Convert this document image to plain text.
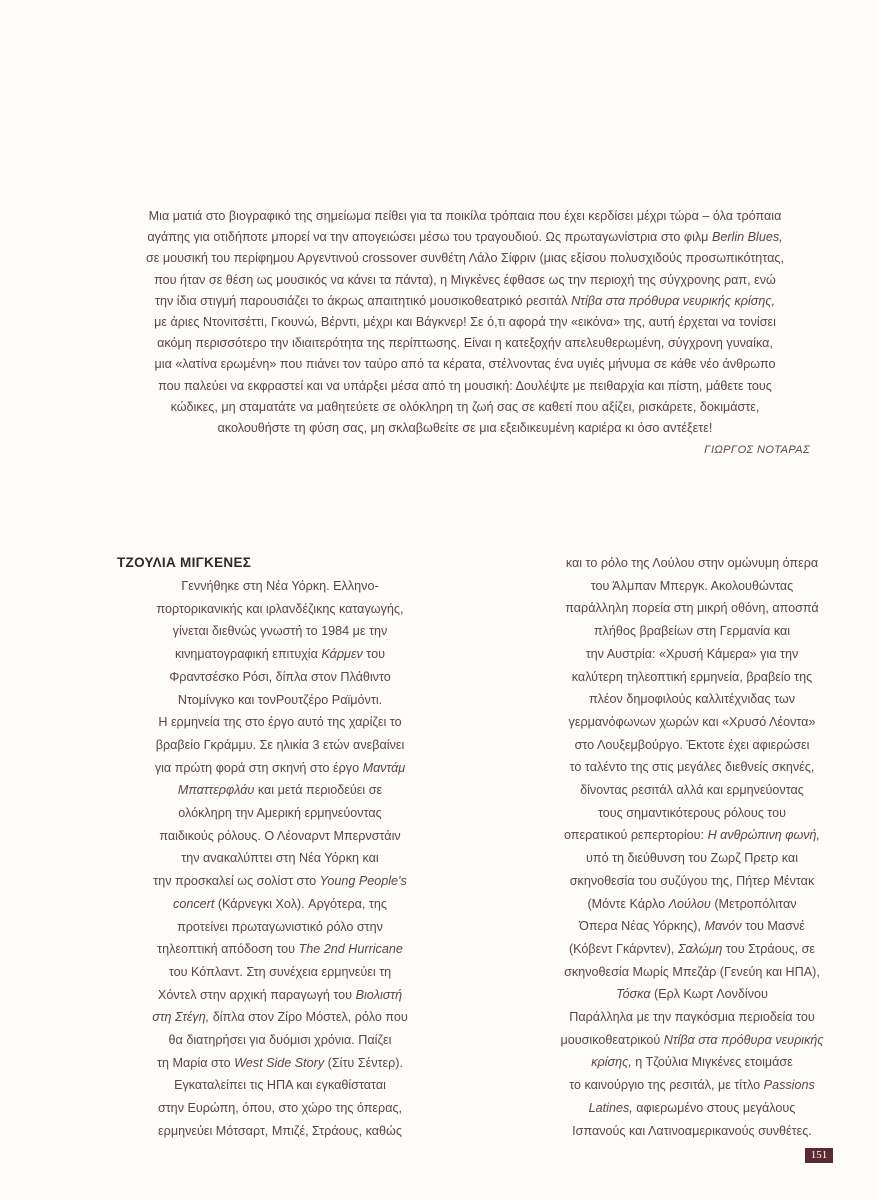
Μια ματιά στο βιογραφικό της σημείωμα πείθει για τα ποικίλα τρόπαια που έχει κερδίσει μέχρι τώρα – όλα τρόπαια
αγάπης για οτιδήποτε μπορεί να την απογειώσει μέσω του τραγουδιού. Ως πρωταγωνίστρια στο φιλμ Berlin Blues,
σε μουσική του περίφημου Αργεντινού crossover συνθέτη Λάλο Σίφριν (μιας εξίσου πολυσχιδούς προσωπικότητας,
που ήταν σε θέση ως μουσικός να κάνει τα πάντα), η Μιγκένες έφθασε ως την περιοχή της σύγχρονης ραπ, ενώ
την ίδια στιγμή παρουσιάζει το άκρως απαιτητικό μουσικοθεατρικό ρεσιτάλ Ντίβα στα πρόθυρα νευρικής κρίσης,
με άριες Ντονιτσέττι, Γκουνώ, Βέρντι, μέχρι και Βάγκνερ! Σε ό,τι αφορά την «εικόνα» της, αυτή έρχεται να τονίσει
ακόμη περισσότερο την ιδιαιτερότητα της περίπτωσης. Είναι η κατεξοχήν απελευθερωμένη, σύγχρονη γυναίκα,
μια «λατίνα ερωμένη» που πιάνει τον ταύρο από τα κέρατα, στέλνοντας ένα υγιές μήνυμα σε κάθε νέο άνθρωπο
που παλεύει να εκφραστεί και να υπάρξει μέσα από τη μουσική: Δουλέψτε με πειθαρχία και πίστη, μάθετε τους
κώδικες, μη σταματάτε να μαθητεύετε σε ολόκληρη τη ζωή σας σε καθετί που αξίζει, ρισκάρετε, δοκιμάστε,
ακολουθήστε τη φύση σας, μη σκλαβωθείτε σε μια εξειδικευμένη καριέρα κι όσο αντέξετε!

ΓΙΩΡΓΟΣ ΝΟΤΑΡΑΣ
ΤΖΟΥΛΙΑ ΜΙΓΚΕΝΕΣ

Γεννήθηκε στη Νέα Υόρκη. Ελληνο-
πορτορικανικής και ιρλανδέζικης καταγωγής,
γίνεται διεθνώς γνωστή το 1984 με την
κινηματογραφική επιτυχία Κάρμεν του
Φραντσέσκο Ρόσι, δίπλα στον Πλάθιντο
Ντομίνγκο και τονΡουτζέρο Ραϊμόντι.
Η ερμηνεία της στο έργο αυτό της χαρίζει το
βραβείο Γκράμμυ. Σε ηλικία 3 ετών ανεβαίνει
για πρώτη φορά στη σκηνή στο έργο Μαντάμ
Μπαττερφλάυ και μετά περιοδεύει σε
ολόκληρη την Αμερική ερμηνεύοντας
παιδικούς ρόλους. Ο Λέοναρντ Μπερνστάιν
την ανακαλύπτει στη Νέα Υόρκη και
την προσκαλεί ως σολίστ στο Young People's
concert (Κάρνεγκι Χολ). Αργότερα, της
προτείνει πρωταγωνιστικό ρόλο στην
τηλεοπτική απόδοση του The 2nd Hurricane
του Κόπλαντ. Στη συνέχεια ερμηνεύει τη
Χόντελ στην αρχική παραγωγή του Βιολιστή
στη Στέγη, δίπλα στον Ζίρο Μόστελ, ρόλο που
θα διατηρήσει για δυόμισι χρόνια. Παίζει
τη Μαρία στο West Side Story (Σίτυ Σέντερ).
Εγκαταλείπει τις ΗΠΑ και εγκαθίσταται
στην Ευρώπη, όπου, στο χώρο της όπερας,
ερμηνεύει Μότσαρτ, Μπιζέ, Στράους, καθώς

και το ρόλο της Λούλου στην ομώνυμη όπερα
του Άλμπαν Μπεργκ. Ακολουθώντας
παράλληλη πορεία στη μικρή οθόνη, αποσπά
πλήθος βραβείων στη Γερμανία και
την Αυστρία: «Χρυσή Κάμερα» για την
καλύτερη τηλεοπτική ερμηνεία, βραβείο της
πλέον δημοφιλούς καλλιτέχνιδας των
γερμανόφωνων χωρών και «Χρυσό Λέοντα»
στο Λουξεμβούργο. Έκτοτε έχει αφιερώσει
το ταλέντο της στις μεγάλες διεθνείς σκηνές,
δίνοντας ρεσιτάλ αλλά και ερμηνεύοντας
τους σημαντικότερους ρόλους του
οπερατικού ρεπερτορίου: Η ανθρώπινη φωνή,
υπό τη διεύθυνση του Ζωρζ Πρετρ και
σκηνοθεσία του συζύγου της, Πήτερ Μέντακ
(Μόντε Κάρλο Λούλου (Μετροπόλιταν
Όπερα Νέας Υόρκης), Μανόν του Μασνέ
(Κόβεντ Γκάρντεν), Σαλώμη του Στράους, σε
σκηνοθεσία Μωρίς Μπεζάρ (Γενεύη και ΗΠΑ),
Τόσκα (Ερλ Κωρτ Λονδίνου
Παράλληλα με την παγκόσμια περιοδεία του
μουσικοθεατρικού Ντίβα στα πρόθυρα νευρικής
κρίσης, η Τζούλια Μιγκένες ετοιμάσε
το καινούργιο της ρεσιτάλ, με τίτλο Passions
Latines, αφιερωμένο στους μεγάλους
Ισπανούς και Λατινοαμερικανούς συνθέτες.

151
